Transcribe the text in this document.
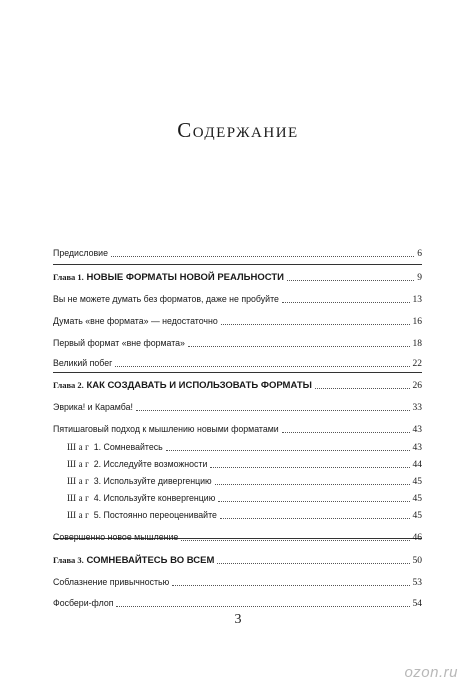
Содержание
Предисловие	6
Глава 1. НОВЫЕ ФОРМАТЫ НОВОЙ РЕАЛЬНОСТИ	9
Вы не можете думать без форматов, даже не пробуйте	13
Думать «вне формата» — недостаточно	16
Первый формат «вне формата»	18
Великий побег	22
Глава 2. КАК СОЗДАВАТЬ И ИСПОЛЬЗОВАТЬ ФОРМАТЫ	26
Эврика! и Карамба!	33
Пятишаговый подход к мышлению новыми форматами	43
Шаг 1. Сомневайтесь	43
Шаг 2. Исследуйте возможности	44
Шаг 3. Используйте дивергенцию	45
Шаг 4. Используйте конвергенцию	45
Шаг 5. Постоянно переоценивайте	45
Совершенно новое мышление	46
Глава 3. СОМНЕВАЙТЕСЬ ВО ВСЕМ	50
Соблазнение привычностью	53
Фосбери-флоп	54
3
ozon.ru
